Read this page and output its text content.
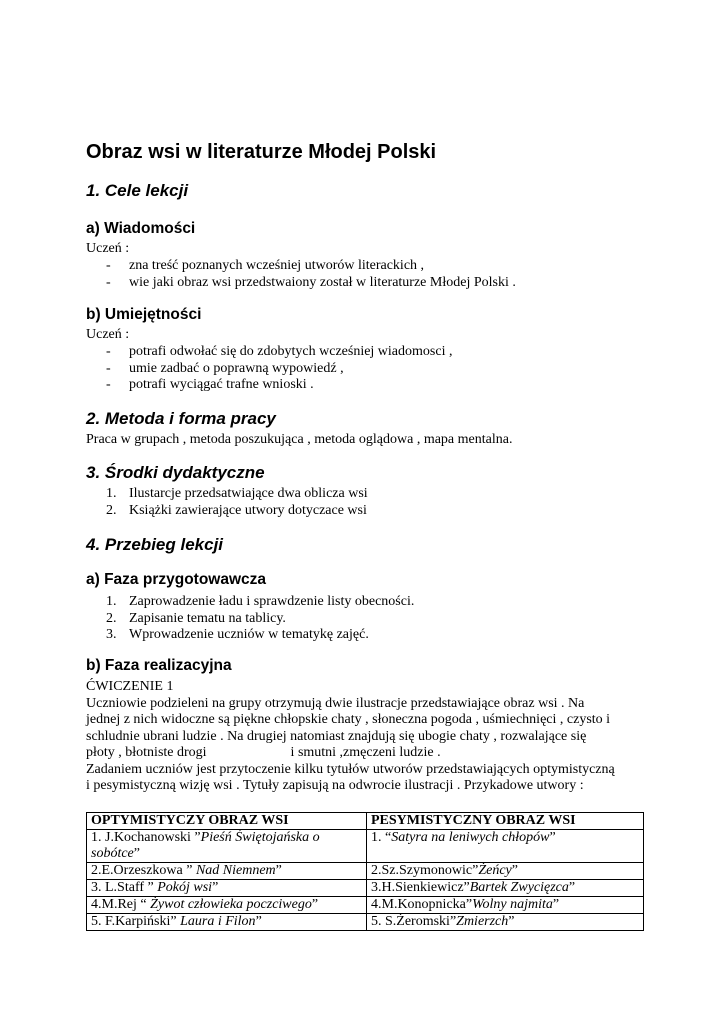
Obraz wsi w literaturze Młodej Polski
1. Cele lekcji
a) Wiadomości
Uczeń :
- zna treść poznanych wcześniej utworów literackich ,
- wie jaki obraz wsi przedstwaiony został w literaturze Młodej Polski .
b) Umiejętności
Uczeń :
- potrafi odwołać się do zdobytych wcześniej wiadomosci ,
- umie zadbać o poprawną wypowiedź ,
- potrafi wyciągać trafne wnioski .
2. Metoda i forma pracy
Praca w grupach , metoda poszukująca , metoda oglądowa , mapa mentalna.
3. Środki dydaktyczne
1. Ilustarcje przedsatwiające dwa oblicza wsi
2. Książki zawierające utwory dotyczace wsi
4. Przebieg lekcji
a) Faza przygotowawcza
1. Zaprowadzenie ładu i sprawdzenie listy obecności.
2. Zapisanie tematu na tablicy.
3. Wprowadzenie uczniów w tematykę zajęć.
b) Faza realizacyjna
ĆWICZENIE 1
Uczniowie podzieleni na grupy otrzymują dwie ilustracje przedstawiające obraz wsi . Na
jednej z nich widoczne są piękne chłopskie chaty , słoneczna pogoda , uśmiechnięci , czysto i
schludnie ubrani ludzie . Na drugiej natomiast znajdują się ubogie chaty , rozwalające się
płoty , błotniste drogi                        i smutni ,zmęczeni ludzie .
Zadaniem uczniów jest przytoczenie kilku tytułów utworów przedstawiających optymistyczną
i pesymistyczną wizję wsi . Tytuły zapisują na odwrocie ilustracji . Przykadowe utwory :
OPTYMISTYCZY OBRAZ WSI	PESYMISTYCZNY OBRAZ WSI
1. J.Kochanowski ”Pieśń Świętojańska o sobótce”	1. “Satyra na leniwych chłopów”
2.E.Orzeszkowa ” Nad Niemnem”	2.Sz.Szymonowic”Żeńcy”
3. L.Staff ” Pokój wsi”	3.H.Sienkiewicz”Bartek Zwycięzca”
4.M.Rej “ Żywot człowieka poczciwego”	4.M.Konopnicka”Wolny najmita”
5. F.Karpiński” Laura i Filon”	5. S.Żeromski”Zmierzch”
